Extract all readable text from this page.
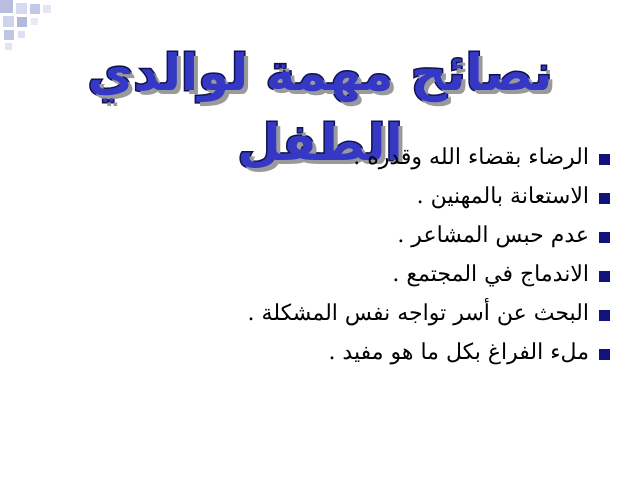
نصائح مهمة لوالدي الطفل
الرضاء بقضاء الله وقدره .
الاستعانة بالمهنين .
عدم حبس المشاعر .
الاندماج في المجتمع .
البحث عن أسر تواجه نفس المشكلة .
ملء الفراغ بكل ما هو مفيد .
